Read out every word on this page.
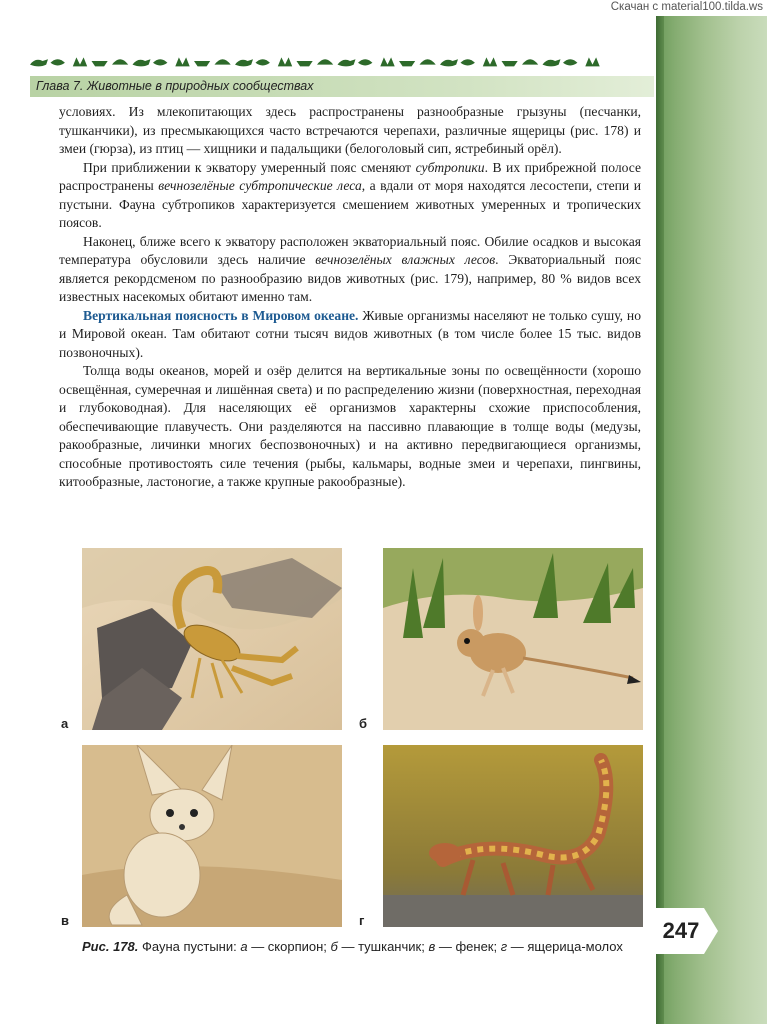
Скачан с material100.tilda.ws
Глава 7. Животные в природных сообществах

условиях. Из млекопитающих здесь распространены разнообразные грызуны (песчанки, тушканчики), из пресмыкающихся часто встречаются черепахи, различные ящерицы (рис. 178) и змеи (гюрза), из птиц — хищники и падальщики (белоголовый сип, ястребиный орёл).

При приближении к экватору умеренный пояс сменяют субтропики. В их прибрежной полосе распространены вечнозелёные субтропические леса, а вдали от моря находятся лесостепи, степи и пустыни. Фауна субтропиков характеризуется смешением животных умеренных и тропических поясов.

Наконец, ближе всего к экватору расположен экваториальный пояс. Обилие осадков и высокая температура обусловили здесь наличие вечнозелёных влажных лесов. Экваториальный пояс является рекордсменом по разнообразию видов животных (рис. 179), например, 80 % видов всех известных насекомых обитают именно там.

Вертикальная поясность в Мировом океане. Живые организмы населяют не только сушу, но и Мировой океан. Там обитают сотни тысяч видов животных (в том числе более 15 тыс. видов позвоночных).

Толща воды океанов, морей и озёр делится на вертикальные зоны по освещённости (хорошо освещённая, сумеречная и лишённая света) и по распределению жизни (поверхностная, переходная и глубоководная). Для населяющих её организмов характерны схожие приспособления, обеспечивающие плавучесть. Они разделяются на пассивно плавающие в толще воды (медузы, ракообразные, личинки многих беспозвоночных) и на активно передвигающиеся организмы, способные противостоять силе течения (рыбы, кальмары, водные змеи и черепахи, пингвины, китообразные, ластоногие, а также крупные ракообразные).

а	б
в	г
Рис. 178. Фауна пустыни: а — скорпион; б — тушканчик; в — фенек; г — ящерица-молох
247
